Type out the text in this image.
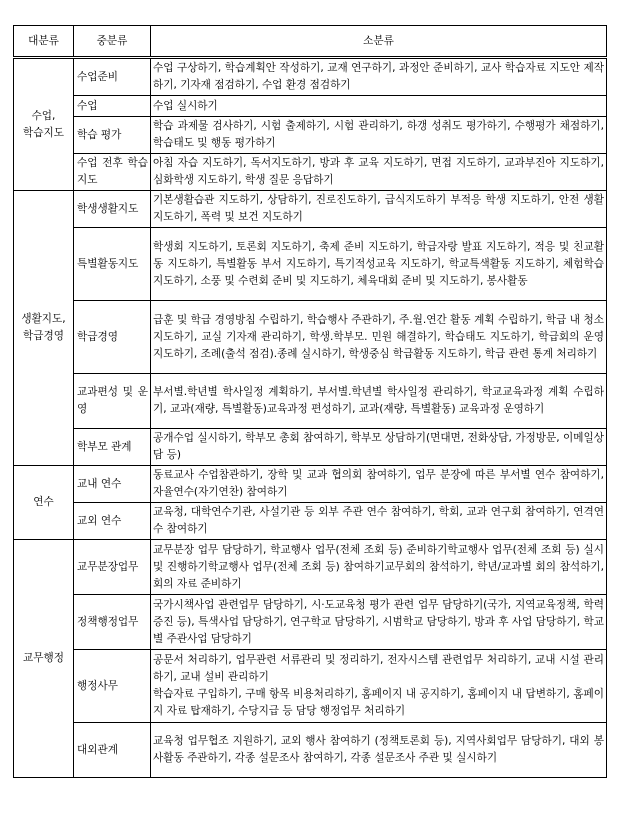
대분류	중분류	소분류
수업,
학습지도	수업준비	수업 구상하기, 학습계획안 작성하기, 교재 연구하기, 과정안 준비하기, 교사 학습자료 지도안 제작하기, 기자재 점검하기, 수업 환경 점검하기
	수업	수업 실시하기
	학습 평가	학습 과제물 검사하기, 시험 출제하기, 시험 관리하기, 하갱 성취도 평가하기, 수행평가 채점하기, 학습태도 및 행동 평가하기
	수업 전후 학습지도	아침 자습 지도하기, 독서지도하기, 방과 후 교육 지도하기, 면접 지도하기, 교과부진아 지도하기, 심화학생 지도하기, 학생 질문 응답하기
생활지도,
학급경영	학생생활지도	기본생활습관 지도하기, 상담하기, 진로진도하기, 급식지도하기 부적응 학생 지도하기, 안전 생활지도하기, 폭력 및 보건 지도하기
	특별활동지도	학생회 지도하기, 토론회 지도하기, 축제 준비 지도하기, 학급자랑 발표 지도하기, 적응 및 친교활동 지도하기, 특별활동 부서 지도하기, 특기적성교육 지도하기, 학교특색활동 지도하기, 체험학습 지도하기, 소풍 및 수련회 준비 및 지도하기, 체육대회 준비 및 지도하기, 봉사활동
	학급경영	급훈 및 학급 경영방침 수립하기, 학습행사 주관하기, 주.월.연간 활동 계획 수립하기, 학급 내 청소 지도하기, 교실 기자재 관리하기, 학생.학부모. 민원 해결하기, 학습태도 지도하기, 학급회의 운영 지도하기, 조례(출석 점검).종례 실시하기, 학생중심 학급활동 지도하기, 학급 관련 통계 처리하기
	교과편성 및 운영	부서별.학년별 학사일정 계획하기, 부서별.학년별 학사일정 관리하기, 학교교육과정 계획 수립하기, 교과(재량, 특별활동)교육과정 편성하기, 교과(재량, 특별활동) 교육과정 운영하기
	학부모 관계	공개수업 실시하기, 학부모 총회 참여하기, 학부모 상담하기(면대면, 전화상담, 가정방문, 이메일상담 등)
연수	교내 연수	동료교사 수업참관하기, 장학 및 교과 협의회 참여하기, 업무 분장에 따른 부서별 연수 참여하기, 자율연수(자기연찬) 참여하기
	교외 연수	교육청, 대학연수기관, 사설기관 등 외부 주관 연수 참여하기, 학회, 교과 연구회 참여하기, 연격연수 참여하기
교무행정	교무분장업무	교무분장 업무 담당하기, 학교행사 업무(전체 조회 등) 준비하기학교행사 업무(전체 조회 등) 실시 및 진행하기학교행사 업무(전체 조회 등) 참여하기교무회의 참석하기, 학년/교과별 회의 참석하기, 회의 자료 준비하기
	정책행정업무	국가시책사업 관련업무 담당하기, 시·도교육청 평가 관련 업무 담당하기(국가, 지역교육정책, 학력증진 등), 특색사업 담당하기, 연구학교 담당하기, 시범학교 담당하기, 방과 후 사업 담당하기, 학교별 주관사업 담당하기
	행정사무	공문서 처리하기, 업무관련 서류관리 및 정리하기, 전자시스템 관련업무 처리하기, 교내 시설 관리하기, 교내 설비 관리하기
학습자료 구입하기, 구매 항목 비용처리하기, 홈페이지 내 공지하기, 홈페이지 내 답변하기, 홈페이지 자료 탑재하기, 수당지급 등 담당 행정업무 처리하기
	대외관계	교육청 업무협조 지원하기, 교외 행사 참여하기 (정책토론회 등), 지역사회업무 담당하기, 대외 봉사활동 주관하기, 각종 설문조사 참여하기, 각종 설문조사 주관 및 실시하기
